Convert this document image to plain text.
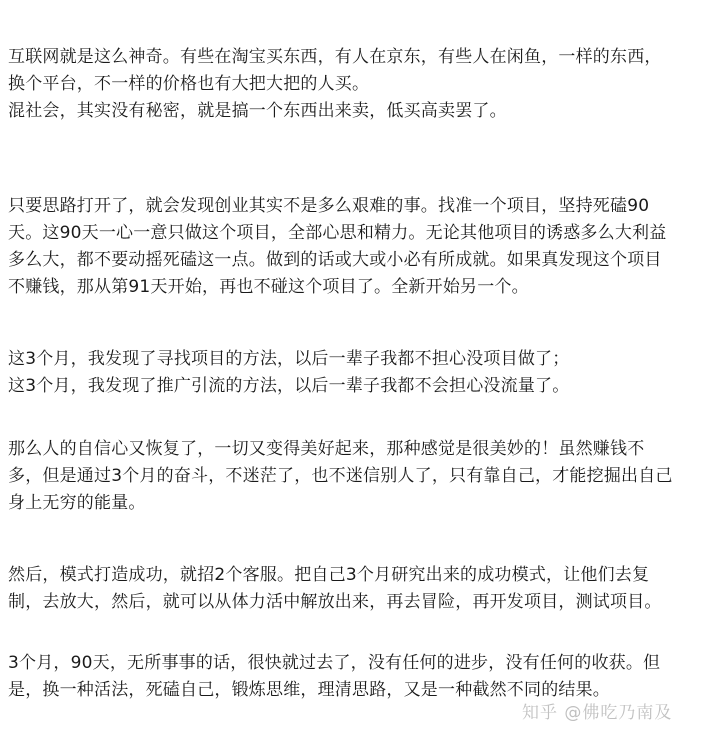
互联网就是这么神奇。有些在淘宝买东西，有人在京东，有些人在闲鱼，一样的东西，
换个平台，不一样的价格也有大把大把的人买。
混社会，其实没有秘密，就是搞一个东西出来卖，低买高卖罢了。

只要思路打开了，就会发现创业其实不是多么艰难的事。找准一个项目，坚持死磕90
天。这90天一心一意只做这个项目，全部心思和精力。无论其他项目的诱惑多么大利益
多么大，都不要动摇死磕这一点。做到的话或大或小必有所成就。如果真发现这个项目
不赚钱，那从第91天开始，再也不碰这个项目了。全新开始另一个。

这3个月，我发现了寻找项目的方法，以后一辈子我都不担心没项目做了；
这3个月，我发现了推广引流的方法，以后一辈子我都不会担心没流量了。

那么人的自信心又恢复了，一切又变得美好起来，那种感觉是很美妙的！虽然赚钱不
多，但是通过3个月的奋斗，不迷茫了，也不迷信别人了，只有靠自己，才能挖掘出自己
身上无穷的能量。

然后，模式打造成功，就招2个客服。把自己3个月研究出来的成功模式，让他们去复
制，去放大，然后，就可以从体力活中解放出来，再去冒险，再开发项目，测试项目。

3个月，90天，无所事事的话，很快就过去了，没有任何的进步，没有任何的收获。但
是，换一种活法，死磕自己，锻炼思维，理清思路，又是一种截然不同的结果。

知乎 @佛吃乃南及
